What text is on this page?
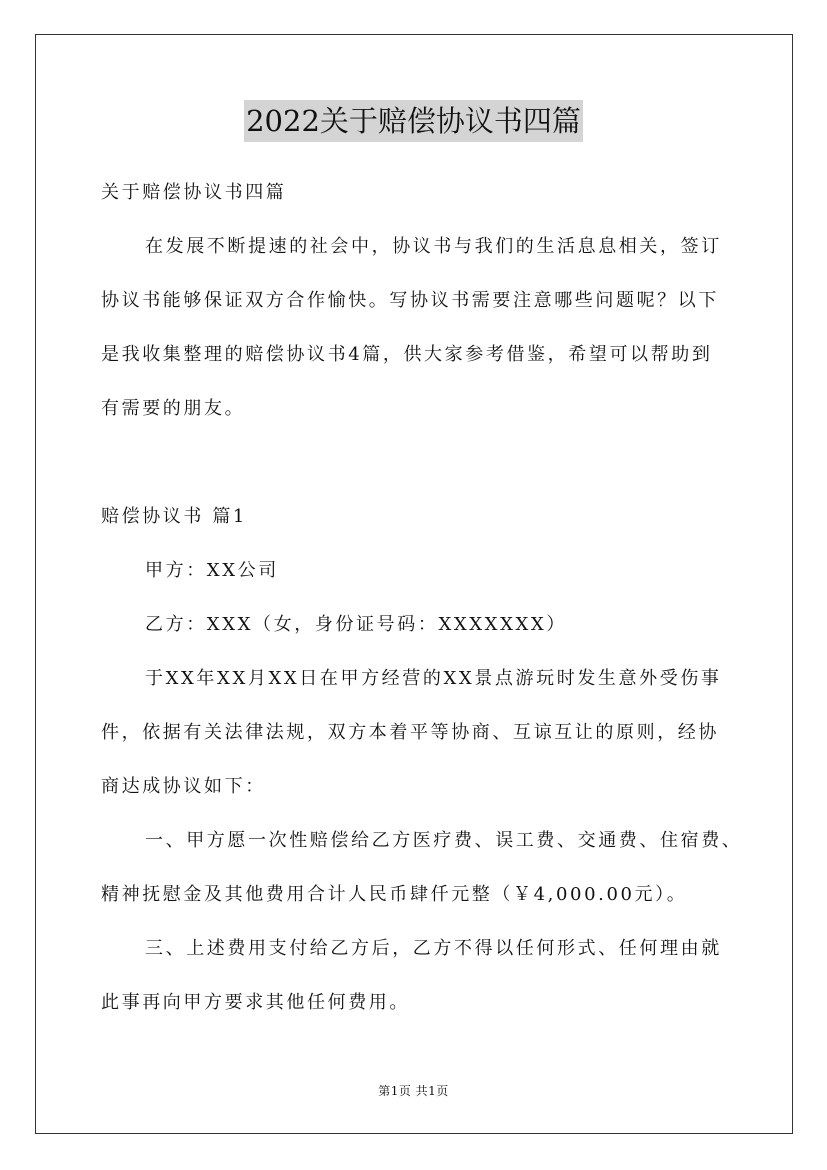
2022关于赔偿协议书四篇
关于赔偿协议书四篇
在发展不断提速的社会中，协议书与我们的生活息息相关，签订
协议书能够保证双方合作愉快。写协议书需要注意哪些问题呢？以下
是我收集整理的赔偿协议书4篇，供大家参考借鉴，希望可以帮助到
有需要的朋友。
赔偿协议书 篇1
甲方：XX公司
乙方：XXX（女，身份证号码：XXXXXXX）
于XX年XX月XX日在甲方经营的XX景点游玩时发生意外受伤事
件，依据有关法律法规，双方本着平等协商、互谅互让的原则，经协
商达成协议如下：
一、甲方愿一次性赔偿给乙方医疗费、误工费、交通费、住宿费、
精神抚慰金及其他费用合计人民币肆仟元整（￥4,000.00元）。
三、上述费用支付给乙方后，乙方不得以任何形式、任何理由就
此事再向甲方要求其他任何费用。
第1页 共1页
